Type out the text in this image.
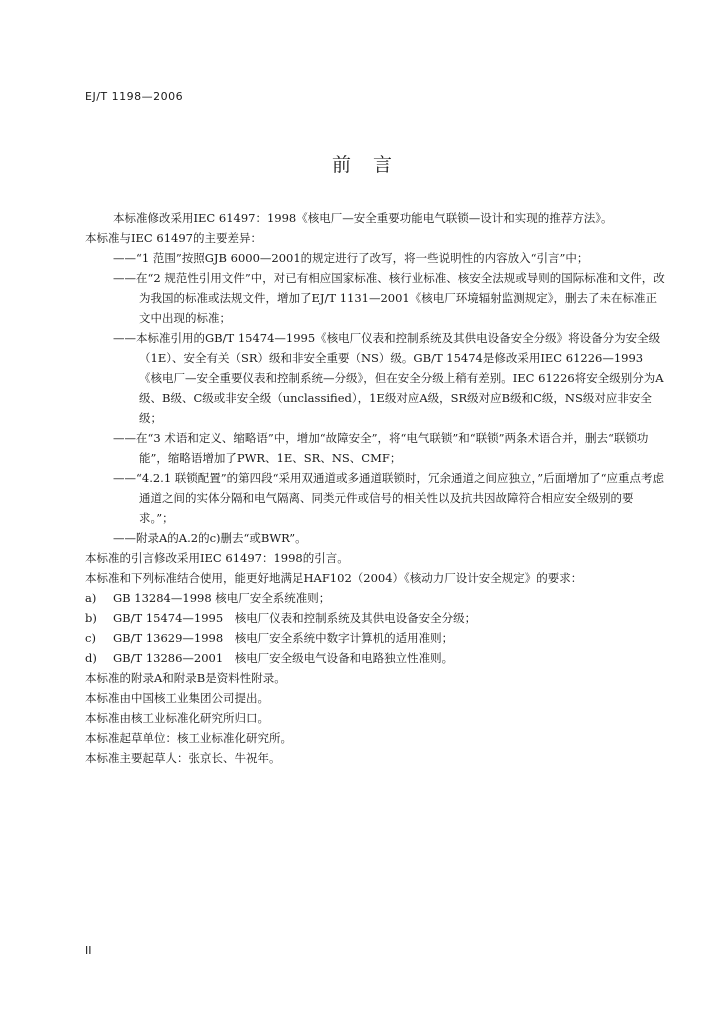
EJ/T 1198—2006
前言

本标准修改采用IEC 61497：1998《核电厂—安全重要功能电气联锁—设计和实现的推荐方法》。

本标准与IEC 61497的主要差异：

——“1 范围”按照GJB 6000—2001的规定进行了改写，将一些说明性的内容放入“引言”中；

——在“2 规范性引用文件”中，对已有相应国家标准、核行业标准、核安全法规或导则的国际标准和文件，改为我国的标准或法规文件，增加了EJ/T 1131—2001《核电厂环境辐射监测规定》，删去了未在标准正文中出现的标准；

——本标准引用的GB/T 15474—1995《核电厂仪表和控制系统及其供电设备安全分级》将设备分为安全级（1E）、安全有关（SR）级和非安全重要（NS）级。GB/T 15474是修改采用IEC 61226—1993《核电厂—安全重要仪表和控制系统—分级》，但在安全分级上稍有差别。IEC 61226将安全级别分为A级、B级、C级或非安全级（unclassified），1E级对应A级，SR级对应B级和C级，NS级对应非安全级；

——在“3 术语和定义、缩略语”中，增加“故障安全”，将“电气联锁”和“联锁”两条术语合并，删去“联锁功能”，缩略语增加了PWR、1E、SR、NS、CMF；

——“4.2.1 联锁配置”的第四段“采用双通道或多通道联锁时，冗余通道之间应独立，”后面增加了“应重点考虑通道之间的实体分隔和电气隔离、同类元件或信号的相关性以及抗共因故障符合相应安全级别的要求。”；

——附录A的A.2的c)删去“或BWR”。

本标准的引言修改采用IEC 61497：1998的引言。

本标准和下列标准结合使用，能更好地满足HAF102（2004）《核动力厂设计安全规定》的要求：

a) GB 13284—1998 核电厂安全系统准则；

b) GB/T 15474—1995　核电厂仪表和控制系统及其供电设备安全分级；

c) GB/T 13629—1998　核电厂安全系统中数字计算机的适用准则；

d) GB/T 13286—2001　核电厂安全级电气设备和电路独立性准则。

本标准的附录A和附录B是资料性附录。

本标准由中国核工业集团公司提出。

本标准由核工业标准化研究所归口。

本标准起草单位：核工业标准化研究所。

本标准主要起草人：张京长、牛祝年。

II
